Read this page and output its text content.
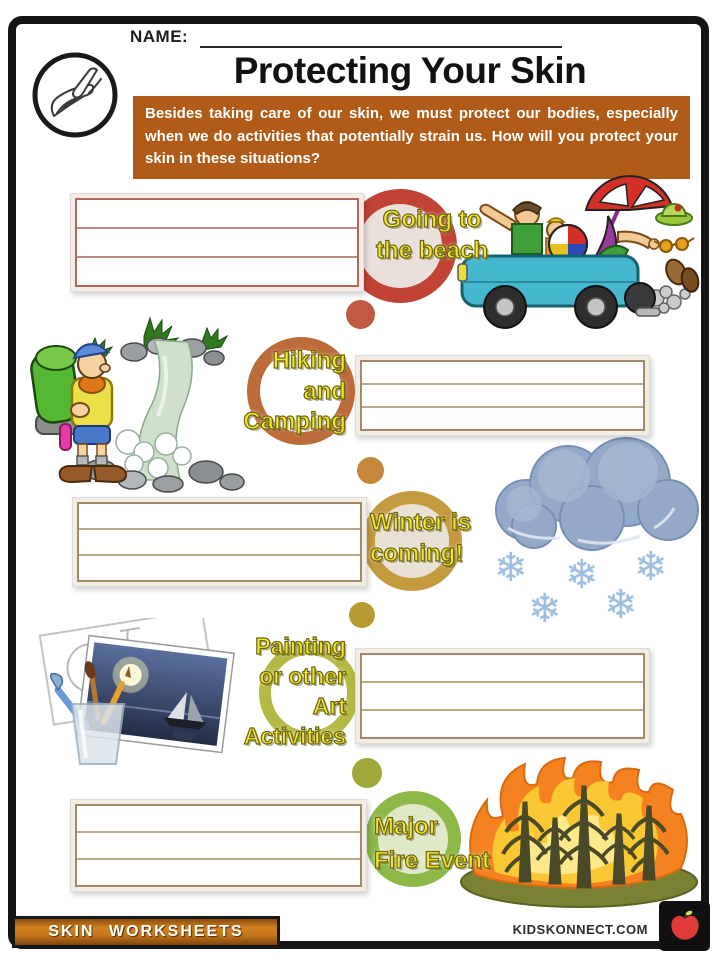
NAME:
Protecting Your Skin
Besides taking care of our skin, we must protect our bodies, especially when we do activities that potentially strain us. How will you protect your skin in these situations?
Going to
the beach
Hiking
and
Camping
Winter is
coming! ❄ ❄ ❄
❄ ❄
Painting
or other
Art
Activities
Major
Fire Event
SKIN WORKSHEETS	KIDSKONNECT.COM
